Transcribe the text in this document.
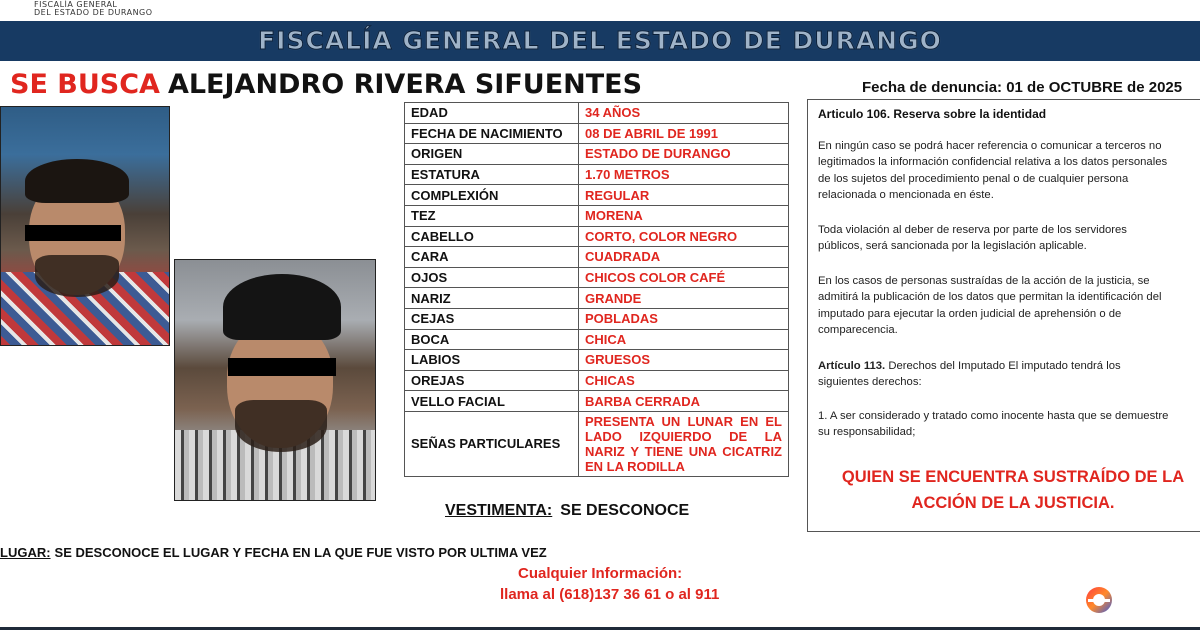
FISCALÍA GENERAL
DEL ESTADO DE DURANGO
FISCALÍA GENERAL DEL ESTADO DE DURANGO
SE BUSCA ALEJANDRO RIVERA SIFUENTES	Fecha de denuncia: 01 de OCTUBRE de 2025
EDAD	34 AÑOS
FECHA DE NACIMIENTO	08 DE ABRIL DE 1991
ORIGEN	ESTADO DE DURANGO
ESTATURA	1.70 METROS
COMPLEXIÓN	REGULAR
TEZ	MORENA
CABELLO	CORTO, COLOR NEGRO
CARA	CUADRADA
OJOS	CHICOS COLOR CAFÉ
NARIZ	GRANDE
CEJAS	POBLADAS
BOCA	CHICA
LABIOS	GRUESOS
OREJAS	CHICAS
VELLO FACIAL	BARBA CERRADA
SEÑAS PARTICULARES	PRESENTA UN LUNAR EN EL LADO IZQUIERDO DE LA NARIZ Y TIENE UNA CICATRIZ EN LA RODILLA
VESTIMENTA: SE DESCONOCE
LUGAR: SE DESCONOCE EL LUGAR Y FECHA EN LA QUE FUE VISTO POR ULTIMA VEZ
Cualquier Información:
llama al (618)137 36 61 o al 911
Articulo 106. Reserva sobre la identidad
En ningún caso se podrá hacer referencia o comunicar a terceros no
legitimados la información confidencial relativa a los datos personales
de los sujetos del procedimiento penal o de cualquier persona
relacionada o mencionada en éste.
Toda violación al deber de reserva por parte de los servidores
públicos, será sancionada por la legislación aplicable.
En los casos de personas sustraídas de la acción de la justicia, se
admitirá la publicación de los datos que permitan la identificación del
imputado para ejecutar la orden judicial de aprehensión o de
comparecencia.
Artículo 113. Derechos del Imputado El imputado tendrá los
siguientes derechos:
1. A ser considerado y tratado como inocente hasta que se demuestre
su responsabilidad;
QUIEN SE ENCUENTRA SUSTRAÍDO DE LA
ACCIÓN DE LA JUSTICIA.
